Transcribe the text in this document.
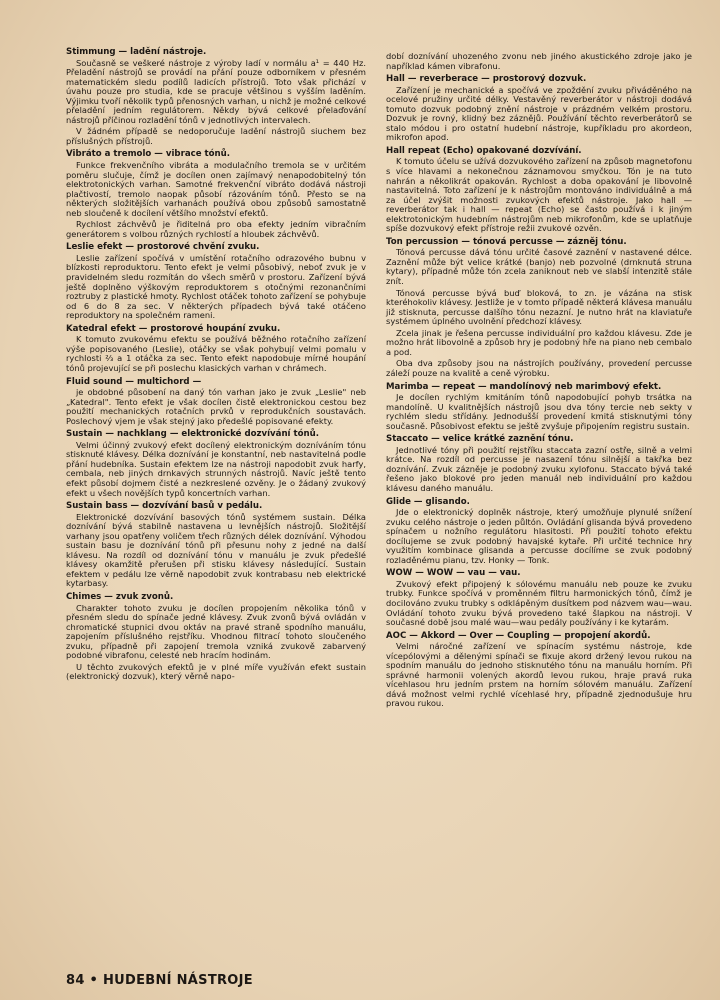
Stimmung — ladění nástroje.
Současně se veškeré nástroje z výroby ladí v normálu a¹ = 440 Hz. Přeladění nástrojů se provádí na přání pouze odborníkem v přesném matematickém sledu podílů ladicích přístrojů. Toto však přichází v úvahu pouze pro studia, kde se pracuje většinou s vyšším laděním. Výjimku tvoří několik typů přenosných varhan, u nichž je možné celkové přeladění jedním regulátorem. Někdy bývá celkové přelaďování nástrojů příčinou rozladění tónů v jednotlivých intervalech.
V žádném případě se nedoporučuje ladění nástrojů siuchem bez příslušných přístrojů.
Vibráto a tremolo — vibrace tónů.
Funkce frekvenčního vibráta a modulačního tremola se v určitém poměru slučuje, čímž je docílen onen zajímavý nenapodobitelný tón elektrotonických varhan. Samotné frekvenční vibráto dodává nástroji plačtivostí, tremolo naopak působí rázováním tónů. Přesto se na některých složitějších varhanách používá obou způsobů samostatně neb sloučeně k docílení většího množství efektů.
Rychlost záchvěvů je řiditelná pro oba efekty jedním vibračním generátorem s volbou různých rychlostí a hloubek záchvěvů.
Leslie efekt — prostorové chvění zvuku.
Leslie zařízení spočívá v umístění rotačního odrazového bubnu v blízkosti reproduktoru. Tento efekt je velmi působivý, neboť zvuk je v pravidelném sledu rozmítán do všech směrů v prostoru. Zařízení bývá ještě doplněno výškovým reproduktorem s otočnými rezonančními roztruby z plastické hmoty. Rychlost otáček tohoto zařízení se pohybuje od 6 do 8 za sec. V některých případech bývá také otáčeno reproduktory na společném rameni.
Katedral efekt — prostorové houpání zvuku.
K tomuto zvukovému efektu se používá běžného rotačního zařízení výše popisovaného (Leslie), otáčky se však pohybují velmi pomalu v rychlosti ⅔ a 1 otáčka za sec. Tento efekt napodobuje mírné houpání tónů projevující se při poslechu klasických varhan v chrámech.
Fluid sound — multichord —
je obdobné působení na daný tón varhan jako je zvuk „Leslie" neb „Katedral". Tento efekt je však docílen čistě elektronickou cestou bez použití mechanických rotačních prvků v reprodukčních soustavách. Poslechový vjem je však stejný jako předešlé popisované efekty.
Sustain — nachklang — elektronické dozvívání tónů.
Velmi účinný zvukový efekt docílený elektronickým dozníváním tónu stisknuté klávesy. Délka doznívání je konstantní, neb nastavitelná podle přání hudebníka. Sustain efektem lze na nástroji napodobit zvuk harfy, cembala, neb jiných drnkavých strunných nástrojů. Navíc ještě tento efekt působí dojmem čisté a nezkreslené ozvěny. Je o žádaný zvukový efekt u všech novějších typů koncertních varhan.
Sustain bass — dozvívání basů v pedálu.
Elektronické dozvívání basových tónů systémem sustain. Délka doznívání bývá stabilně nastavena u levnějších nástrojů. Složitější varhany jsou opatřeny voličem třech různých délek doznívání. Výhodou sustain basu je doznívání tónů při přesunu nohy z jedné na další klávesu. Na rozdíl od doznívání tónu v manuálu je zvuk předešlé klávesy okamžitě přerušen při stisku klávesy následující. Sustain efektem v pedálu lze věrně napodobit zvuk kontrabasu neb elektrické kytarbasy.
Chimes — zvuk zvonů.
Charakter tohoto zvuku je docílen propojením několika tónů v přesném sledu do spínače jedné klávesy. Zvuk zvonů bývá ovládán v chromatické stupnici dvou oktáv na pravé straně spodního manuálu, zapojením příslušného rejstříku. Vhodnou filtrací tohoto sloučeného zvuku, případně při zapojení tremola vzniká zvukově zabarvený podobné vibrafonu, celesté neb hracím hodinám.
U těchto zvukových efektů je v plné míře využíván efekt sustain (elektronický dozvuk), který věrně napo-
dobí doznívání uhozeného zvonu neb jiného akustického zdroje jako je například kámen vibrafonu.
Hall — reverberace — prostorový dozvuk.
Zařízení je mechanické a spočívá ve zpoždění zvuku přiváděného na ocelové pružiny určité délky. Vestavěný reverberátor v nástroji dodává tomuto dozvuk podobný znění nástroje v prázdném velkém prostoru. Dozvuk je rovný, klidný bez záznějů. Používání těchto reverberátorů se stalo módou i pro ostatní hudební nástroje, kupříkladu pro akordeon, mikrofon apod.
Hall repeat (Echo) opakované dozvívání.
K tomuto účelu se užívá dozvukového zařízení na způsob magnetofonu s více hlavami a nekonečnou záznamovou smyčkou. Tón je na tuto nahrán a několikrát opakován. Rychlost a doba opakování je libovolně nastavitelná. Toto zařízení je k nástrojům montováno individuálně a má za účel zvýšit možnosti zvukových efektů nástroje. Jako hall — reverberátor tak i hall — repeat (Echo) se často používá i k jiným elektrotonickým hudebním nástrojům neb mikrofonům, kde se uplatňuje spíše dozvukový efekt přístroje režii zvukové ozvěn.
Ton percussion — tónová percusse — zázněj tónu.
Tónová percusse dává tónu určité časové zaznění v nastavené délce. Zaznění může být velice krátké (banjo) neb pozvolné (drnknutá struna kytary), případně může tón zcela zaniknout neb ve slabší intenzitě stále znít.
Tónová percusse bývá buď bloková, to zn. je vázána na stisk kteréhokoliv klávesy. Jestliže je v tomto případě některá klávesa manuálu již stisknuta, percusse dalšího tónu nezazní. Je nutno hrát na klaviatuře systémem úplného uvolnění předchozí klávesy.
Zcela jinak je řešena percusse individuální pro každou klávesu. Zde je možno hrát libovolně a způsob hry je podobný hře na piano neb cembalo a pod.
Oba dva způsoby jsou na nástrojích používány, provedení percusse záleží pouze na kvalitě a ceně výrobku.
Marimba — repeat — mandolínový neb marimbový efekt.
Je docílen rychlým kmitáním tónů napodobující pohyb trsátka na mandolíně. U kvalitnějších nástrojů jsou dva tóny tercie neb sekty v rychlém sledu střídány. Jednodušší provedení kmitá stisknutými tóny současně. Působivost efektu se ještě zvyšuje připojením registru sustain.
Staccato — velice krátké zaznění tónu.
Jednotlivé tóny při použití rejstříku staccata zazní ostře, silně a velmi krátce. Na rozdíl od percusse je nasazení tónu silnější a takřka bez doznívání. Zvuk zázněje je podobný zvuku xylofonu. Staccato bývá také řešeno jako blokové pro jeden manuál neb individuální pro každou klávesu daného manuálu.
Glide — glisando.
Jde o elektronický doplněk nástroje, který umožňuje plynulé snížení zvuku celého nástroje o jeden půltón. Ovládání glisanda bývá provedeno spínačem u nožního regulátoru hlasitosti. Při použití tohoto efektu docílujeme se zvuk podobný havajské kytaře. Při určité technice hry využitím kombinace glisanda a percusse docílíme se zvuk podobný rozladěnému pianu, tzv. Honky — Tonk.
WOW — WOW — vau — vau.
Zvukový efekt připojený k sólovému manuálu neb pouze ke zvuku trubky. Funkce spočívá v proměnném filtru harmonických tónů, čímž je docilováno zvuku trubky s odklápěným dusítkem pod názvem wau—wau. Ovládání tohoto zvuku bývá provedeno také šlapkou na nástroji. V současné době jsou malé wau—wau pedály používány i ke kytarám.
AOC — Akkord — Over — Coupling — propojení akordů.
Velmi náročné zařízení ve spínacím systému nástroje, kde vícepólovými a dělenými spínači se fixuje akord držený levou rukou na spodním manuálu do jednoho stisknutého tónu na manuálu horním. Při správné harmonii volených akordů levou rukou, hraje pravá ruka vícehlasou hru jedním prstem na horním sólovém manuálu. Zařízení dává možnost velmi rychlé vícehlasé hry, případně zjednodušuje hru pravou rukou.
84 • HUDEBNÍ NÁSTROJE
